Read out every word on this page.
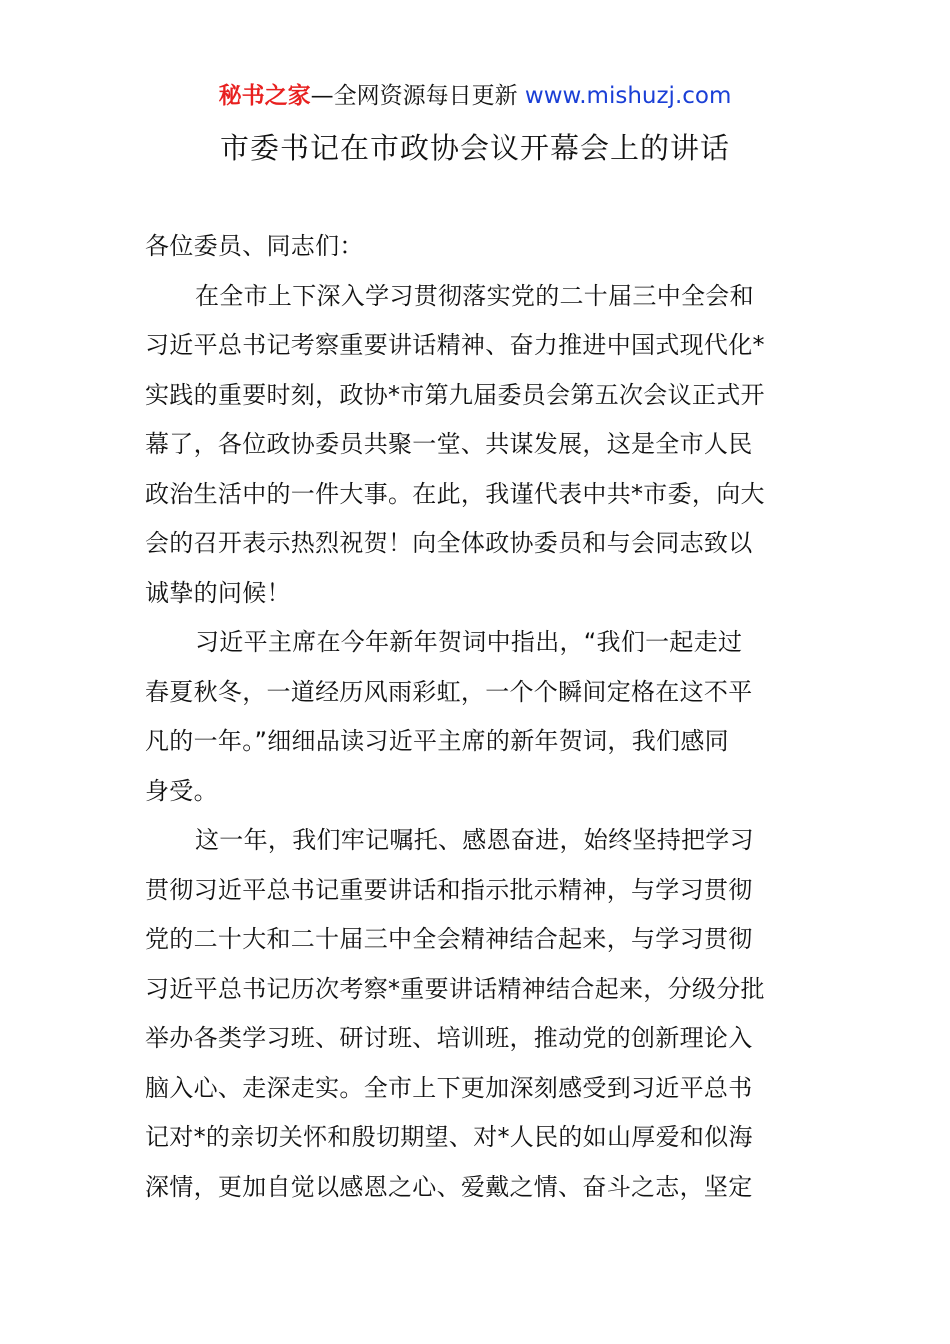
秘书之家—全网资源每日更新 www.mishuzj.com
市委书记在市政协会议开幕会上的讲话
各位委员、同志们：
在全市上下深入学习贯彻落实党的二十届三中全会和
习近平总书记考察重要讲话精神、奋力推进中国式现代化*
实践的重要时刻，政协*市第九届委员会第五次会议正式开
幕了，各位政协委员共聚一堂、共谋发展，这是全市人民
政治生活中的一件大事。在此，我谨代表中共*市委，向大
会的召开表示热烈祝贺！向全体政协委员和与会同志致以
诚挚的问候！
习近平主席在今年新年贺词中指出，“我们一起走过
春夏秋冬，一道经历风雨彩虹，一个个瞬间定格在这不平
凡的一年。”细细品读习近平主席的新年贺词，我们感同
身受。
这一年，我们牢记嘱托、感恩奋进，始终坚持把学习
贯彻习近平总书记重要讲话和指示批示精神，与学习贯彻
党的二十大和二十届三中全会精神结合起来，与学习贯彻
习近平总书记历次考察*重要讲话精神结合起来，分级分批
举办各类学习班、研讨班、培训班，推动党的创新理论入
脑入心、走深走实。全市上下更加深刻感受到习近平总书
记对*的亲切关怀和殷切期望、对*人民的如山厚爱和似海
深情，更加自觉以感恩之心、爱戴之情、奋斗之志，坚定
